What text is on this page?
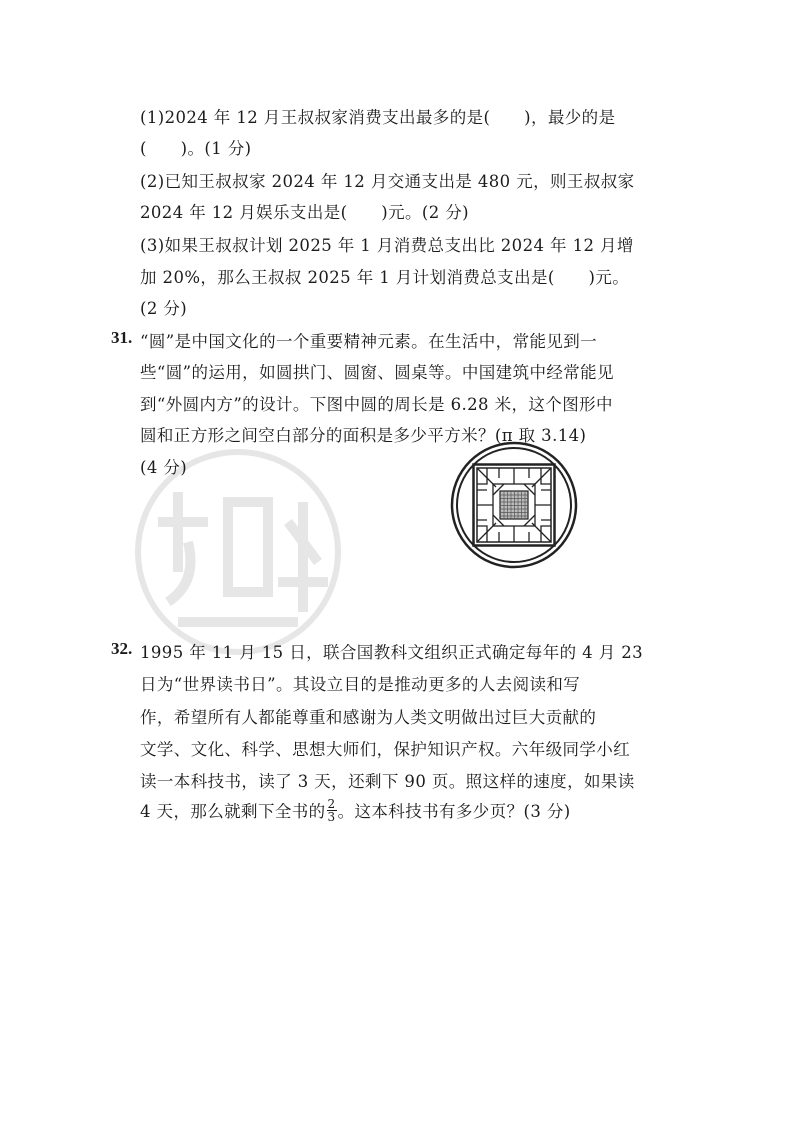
(1)2024 年 12 月王叔叔家消费支出最多的是(　　)，最少的是
(　　)。(1 分)
(2)已知王叔叔家 2024 年 12 月交通支出是 480 元，则王叔叔家
2024 年 12 月娱乐支出是(　　)元。(2 分)
(3)如果王叔叔计划 2025 年 1 月消费总支出比 2024 年 12 月增
加 20%，那么王叔叔 2025 年 1 月计划消费总支出是(　　)元。
(2 分)
31. “圆”是中国文化的一个重要精神元素。在生活中，常能见到一
些“圆”的运用，如圆拱门、圆窗、圆桌等。中国建筑中经常能见
到“外圆内方”的设计。下图中圆的周长是 6.28 米，这个图形中
圆和正方形之间空白部分的面积是多少平方米？(π 取 3.14)
(4 分)
32. 1995 年 11 月 15 日，联合国教科文组织正式确定每年的 4 月 23
日为“世界读书日”。其设立目的是推动更多的人去阅读和写
作，希望所有人都能尊重和感谢为人类文明做出过巨大贡献的
文学、文化、科学、思想大师们，保护知识产权。六年级同学小红
读一本科技书，读了 3 天，还剩下 90 页。照这样的速度，如果读
4 天，那么就剩下全书的 $\frac{2}{3}$ 。这本科技书有多少页？(3 分)
